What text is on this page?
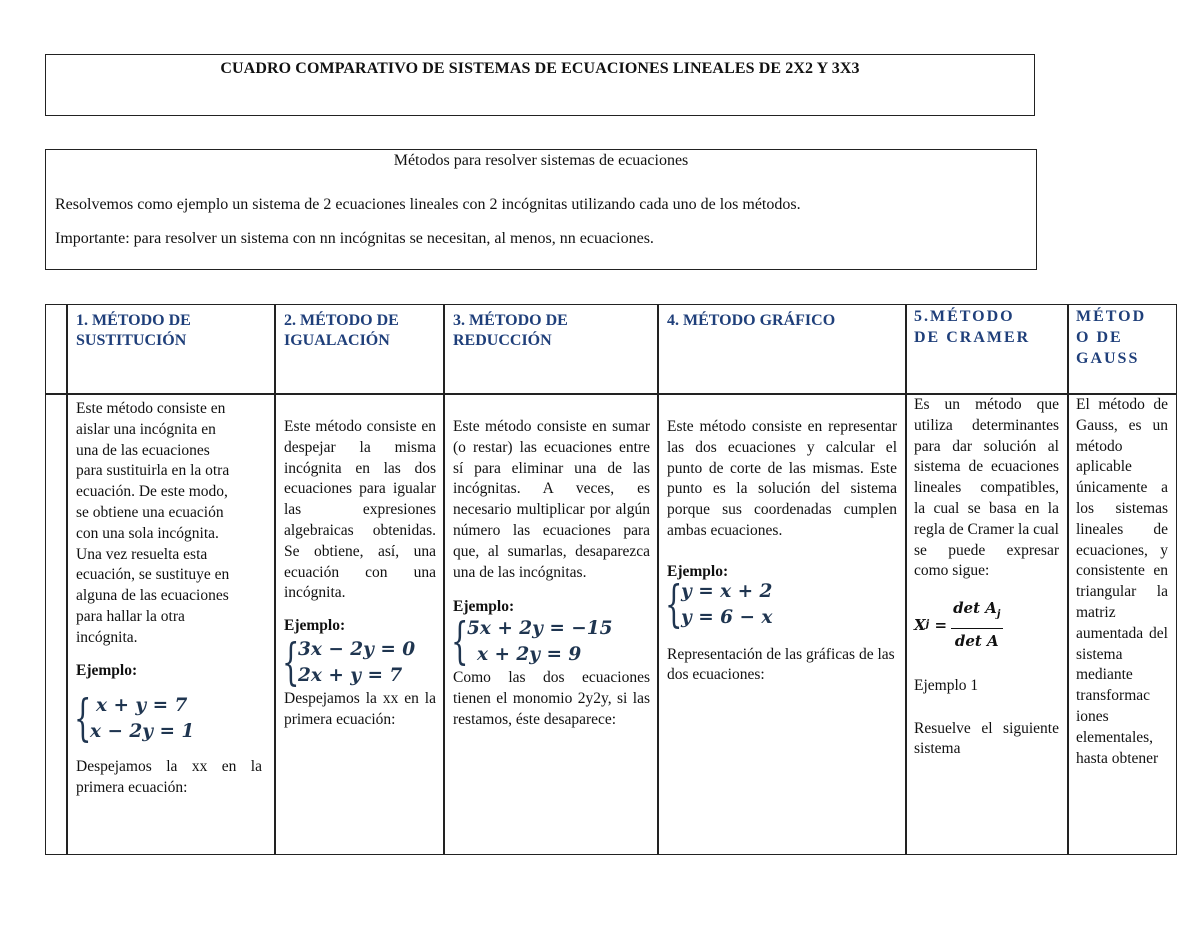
CUADRO COMPARATIVO DE SISTEMAS DE ECUACIONES LINEALES DE 2X2 Y 3X3
Métodos para resolver sistemas de ecuaciones
Resolvemos como ejemplo un sistema de 2 ecuaciones lineales con 2 incógnitas utilizando cada uno de los métodos.
Importante: para resolver un sistema con nn incógnitas se necesitan, al menos, nn ecuaciones.
1. MÉTODO DE
SUSTITUCIÓN
2. MÉTODO DE
IGUALACIÓN
3. MÉTODO DE
REDUCCIÓN
4. MÉTODO GRÁFICO	5.MÉTODO
DE CRAMER
MÉTOD
O DE
GAUSS
Este método consiste en
aislar una incógnita en
una de las ecuaciones
para sustituirla en la otra
ecuación. De este modo,
se obtiene una ecuación
con una sola incógnita.
Una vez resuelta esta
ecuación, se sustituye en
alguna de las ecuaciones
para hallar la otra
incógnita.
Ejemplo:
{ x + y = 7
x − 2y = 1
Despejamos la xx en la primera ecuación:
Este método consiste en despejar la misma incógnita en las dos ecuaciones para igualar las expresiones algebraicas obtenidas. Se obtiene, así, una ecuación con una incógnita.
Ejemplo:
{
3x − 2y = 0
2x + y = 7
Despejamos la xx en la primera ecuación:
Este método consiste en sumar (o restar) las ecuaciones entre sí para eliminar una de las incógnitas. A veces, es necesario multiplicar por algún número las ecuaciones para que, al sumarlas, desaparezca una de las incógnitas.
Ejemplo:
{
5x + 2y = −15
x + 2y = 9
Como las dos ecuaciones tienen el monomio 2y2y, si las restamos, éste desaparece:
Este método consiste en representar las dos ecuaciones y calcular el punto de corte de las mismas. Este punto es la solución del sistema porque sus coordenadas cumplen ambas ecuaciones.
Ejemplo:
{
y = x + 2
y = 6 − x
Representación de las gráficas de las dos ecuaciones:
Es un método que utiliza determinantes para dar solución al sistema de ecuaciones lineales compatibles, la cual se basa en la regla de Cramer la cual se puede expresar como sigue:
X $j = \frac{\det A_j}{\text{det A}}$
Ejemplo 1
Resuelve el siguiente sistema
El método de Gauss, es un método aplicable únicamente a los sistemas lineales de ecuaciones, y consistente en triangular la matriz aumentada del sistema mediante transformac iones elementales, hasta obtener
